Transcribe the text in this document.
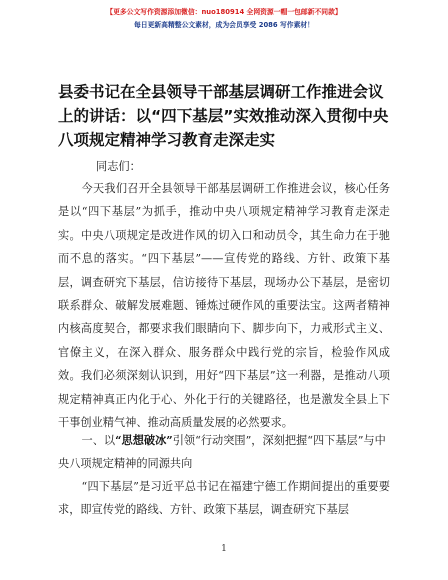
【更多公文写作资源添加微信：nuo180914 全网资源一帽一包邮新不同款】
每日更新高精整公文素材，成为会员享受 2086 写作素材！
县委书记在全县领导干部基层调研工作推进会议上的讲话：以“四下基层”实效推动深入贯彻中央八项规定精神学习教育走深走实
同志们：
今天我们召开全县领导干部基层调研工作推进会议，核心任务是以“四下基层”为抓手，推动中央八项规定精神学习教育走深走实。中央八项规定是改进作风的切入口和动员令，其生命力在于驰而不息的落实。“四下基层”——宣传党的路线、方针、政策下基层，调查研究下基层，信访接待下基层，现场办公下基层，是密切联系群众、破解发展难题、锤炼过硬作风的重要法宝。这两者精神内核高度契合，都要求我们眼睛向下、脚步向下，力戒形式主义、官僚主义，在深入群众、服务群众中践行党的宗旨，检验作风成效。我们必须深刻认识到，用好“四下基层”这一利器，是推动八项规定精神真正内化于心、外化于行的关键路径，也是激发全县上下干事创业精气神、推动高质量发展的必然要求。
一、以“思想破冰”引领“行动突围”，深刻把握“四下基层”与中央八项规定精神的同源共向
“四下基层”是习近平总书记在福建宁德工作期间提出的重要要求，即宣传党的路线、方针、政策下基层，调查研究下基层
1
